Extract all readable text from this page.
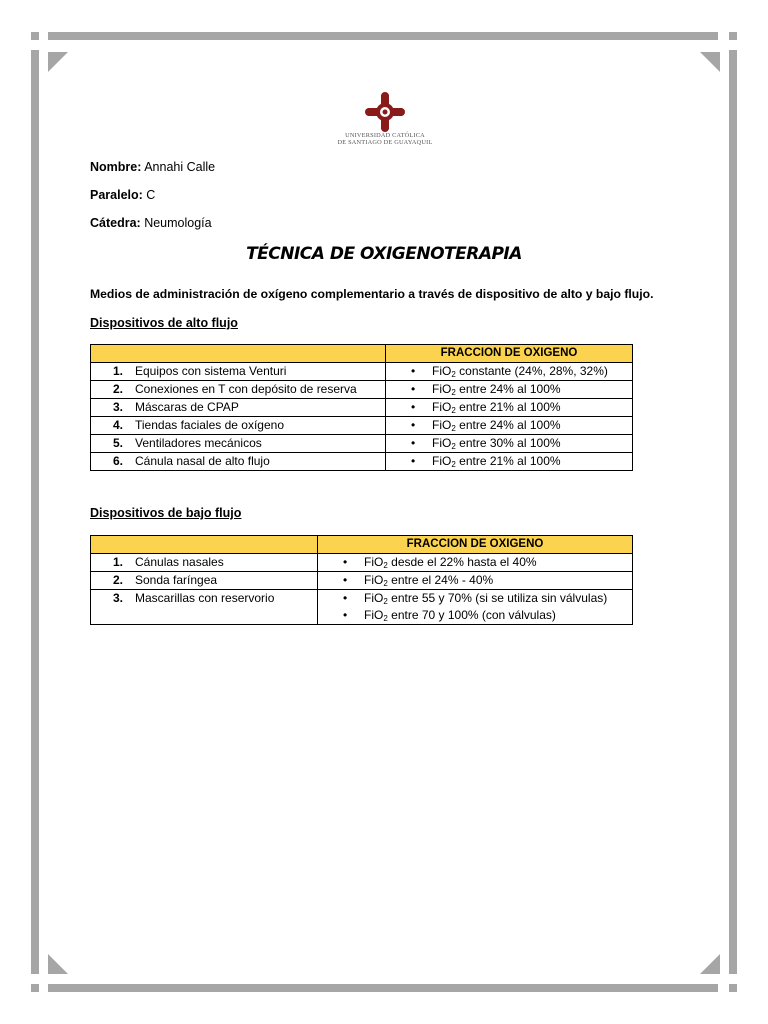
UNIVERSIDAD CATÓLICA
DE SANTIAGO DE GUAYAQUIL
Nombre: Annahi Calle
Paralelo: C
Cátedra: Neumología
TÉCNICA DE OXIGENOTERAPIA
Medios de administración de oxígeno complementario a través de dispositivo de alto y bajo flujo.
Dispositivos de alto flujo
	FRACCION DE OXIGENO
1. Equipos con sistema Venturi	• FiO$_2$ constante (24%, 28%, 32%)
2. Conexiones en T con depósito de reserva	• FiO$_2$ entre 24% al 100%
3. Máscaras de CPAP	• FiO$_2$ entre 21% al 100%
4. Tiendas faciales de oxígeno	• FiO$_2$ entre 24% al 100%
5. Ventiladores mecánicos	• FiO$_2$ entre 30% al 100%
6. Cánula nasal de alto flujo	• FiO$_2$ entre 21% al 100%
Dispositivos de bajo flujo
	FRACCION DE OXIGENO
1. Cánulas nasales	• FiO$_2$ desde el 22% hasta el 40%
2. Sonda faríngea	• FiO$_2$ entre el 24% - 40%
3. Mascarillas con reservorio	• FiO$_2$ entre 55 y 70% (si se utiliza sin válvulas)
• FiO$_2$ entre 70 y 100% (con válvulas)
